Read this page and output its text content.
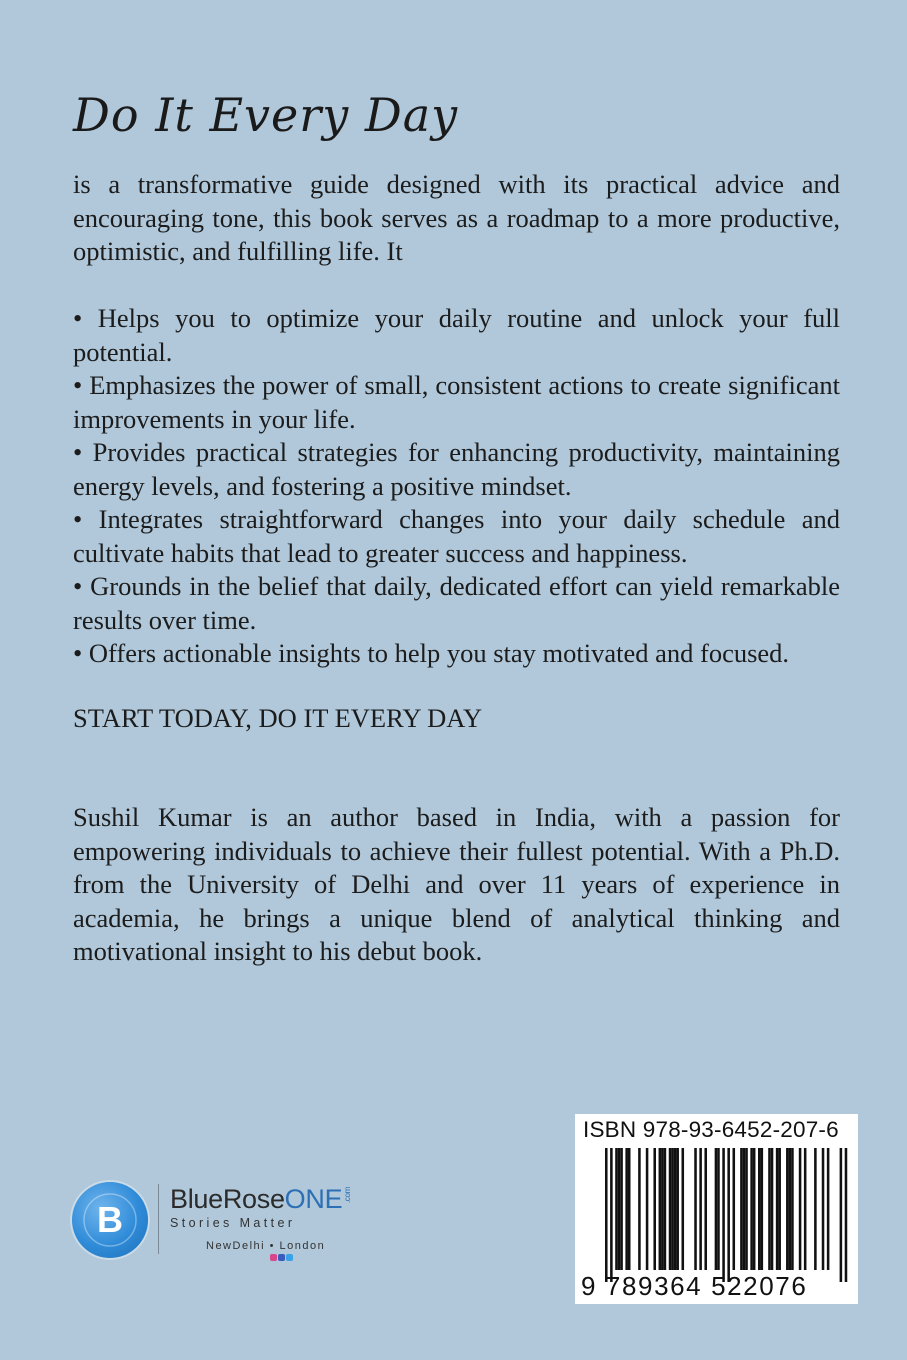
Do It Every Day
is a transformative guide designed with its practical advice and encouraging tone, this book serves as a roadmap to a more productive, optimistic, and fulfilling life. It
• Helps you to optimize your daily routine and unlock your full potential.
• Emphasizes the power of small, consistent actions to create significant improvements in your life.
• Provides practical strategies for enhancing productivity, maintaining energy levels, and fostering a positive mindset.
• Integrates straightforward changes into your daily schedule and cultivate habits that lead to greater success and happiness.
• Grounds in the belief that daily, dedicated effort can yield remarkable results over time.
• Offers actionable insights to help you stay motivated and focused.
START TODAY, DO IT EVERY DAY
Sushil Kumar is an author based in India, with a passion for empowering individuals to achieve their fullest potential. With a Ph.D. from the University of Delhi and over 11 years of experience in academia, he brings a unique blend of analytical thinking and motivational insight to his debut book.
B BlueRoseONE.com
Stories Matter
NewDelhi • London
ISBN 978-93-6452-207-6
9 789364 522076
